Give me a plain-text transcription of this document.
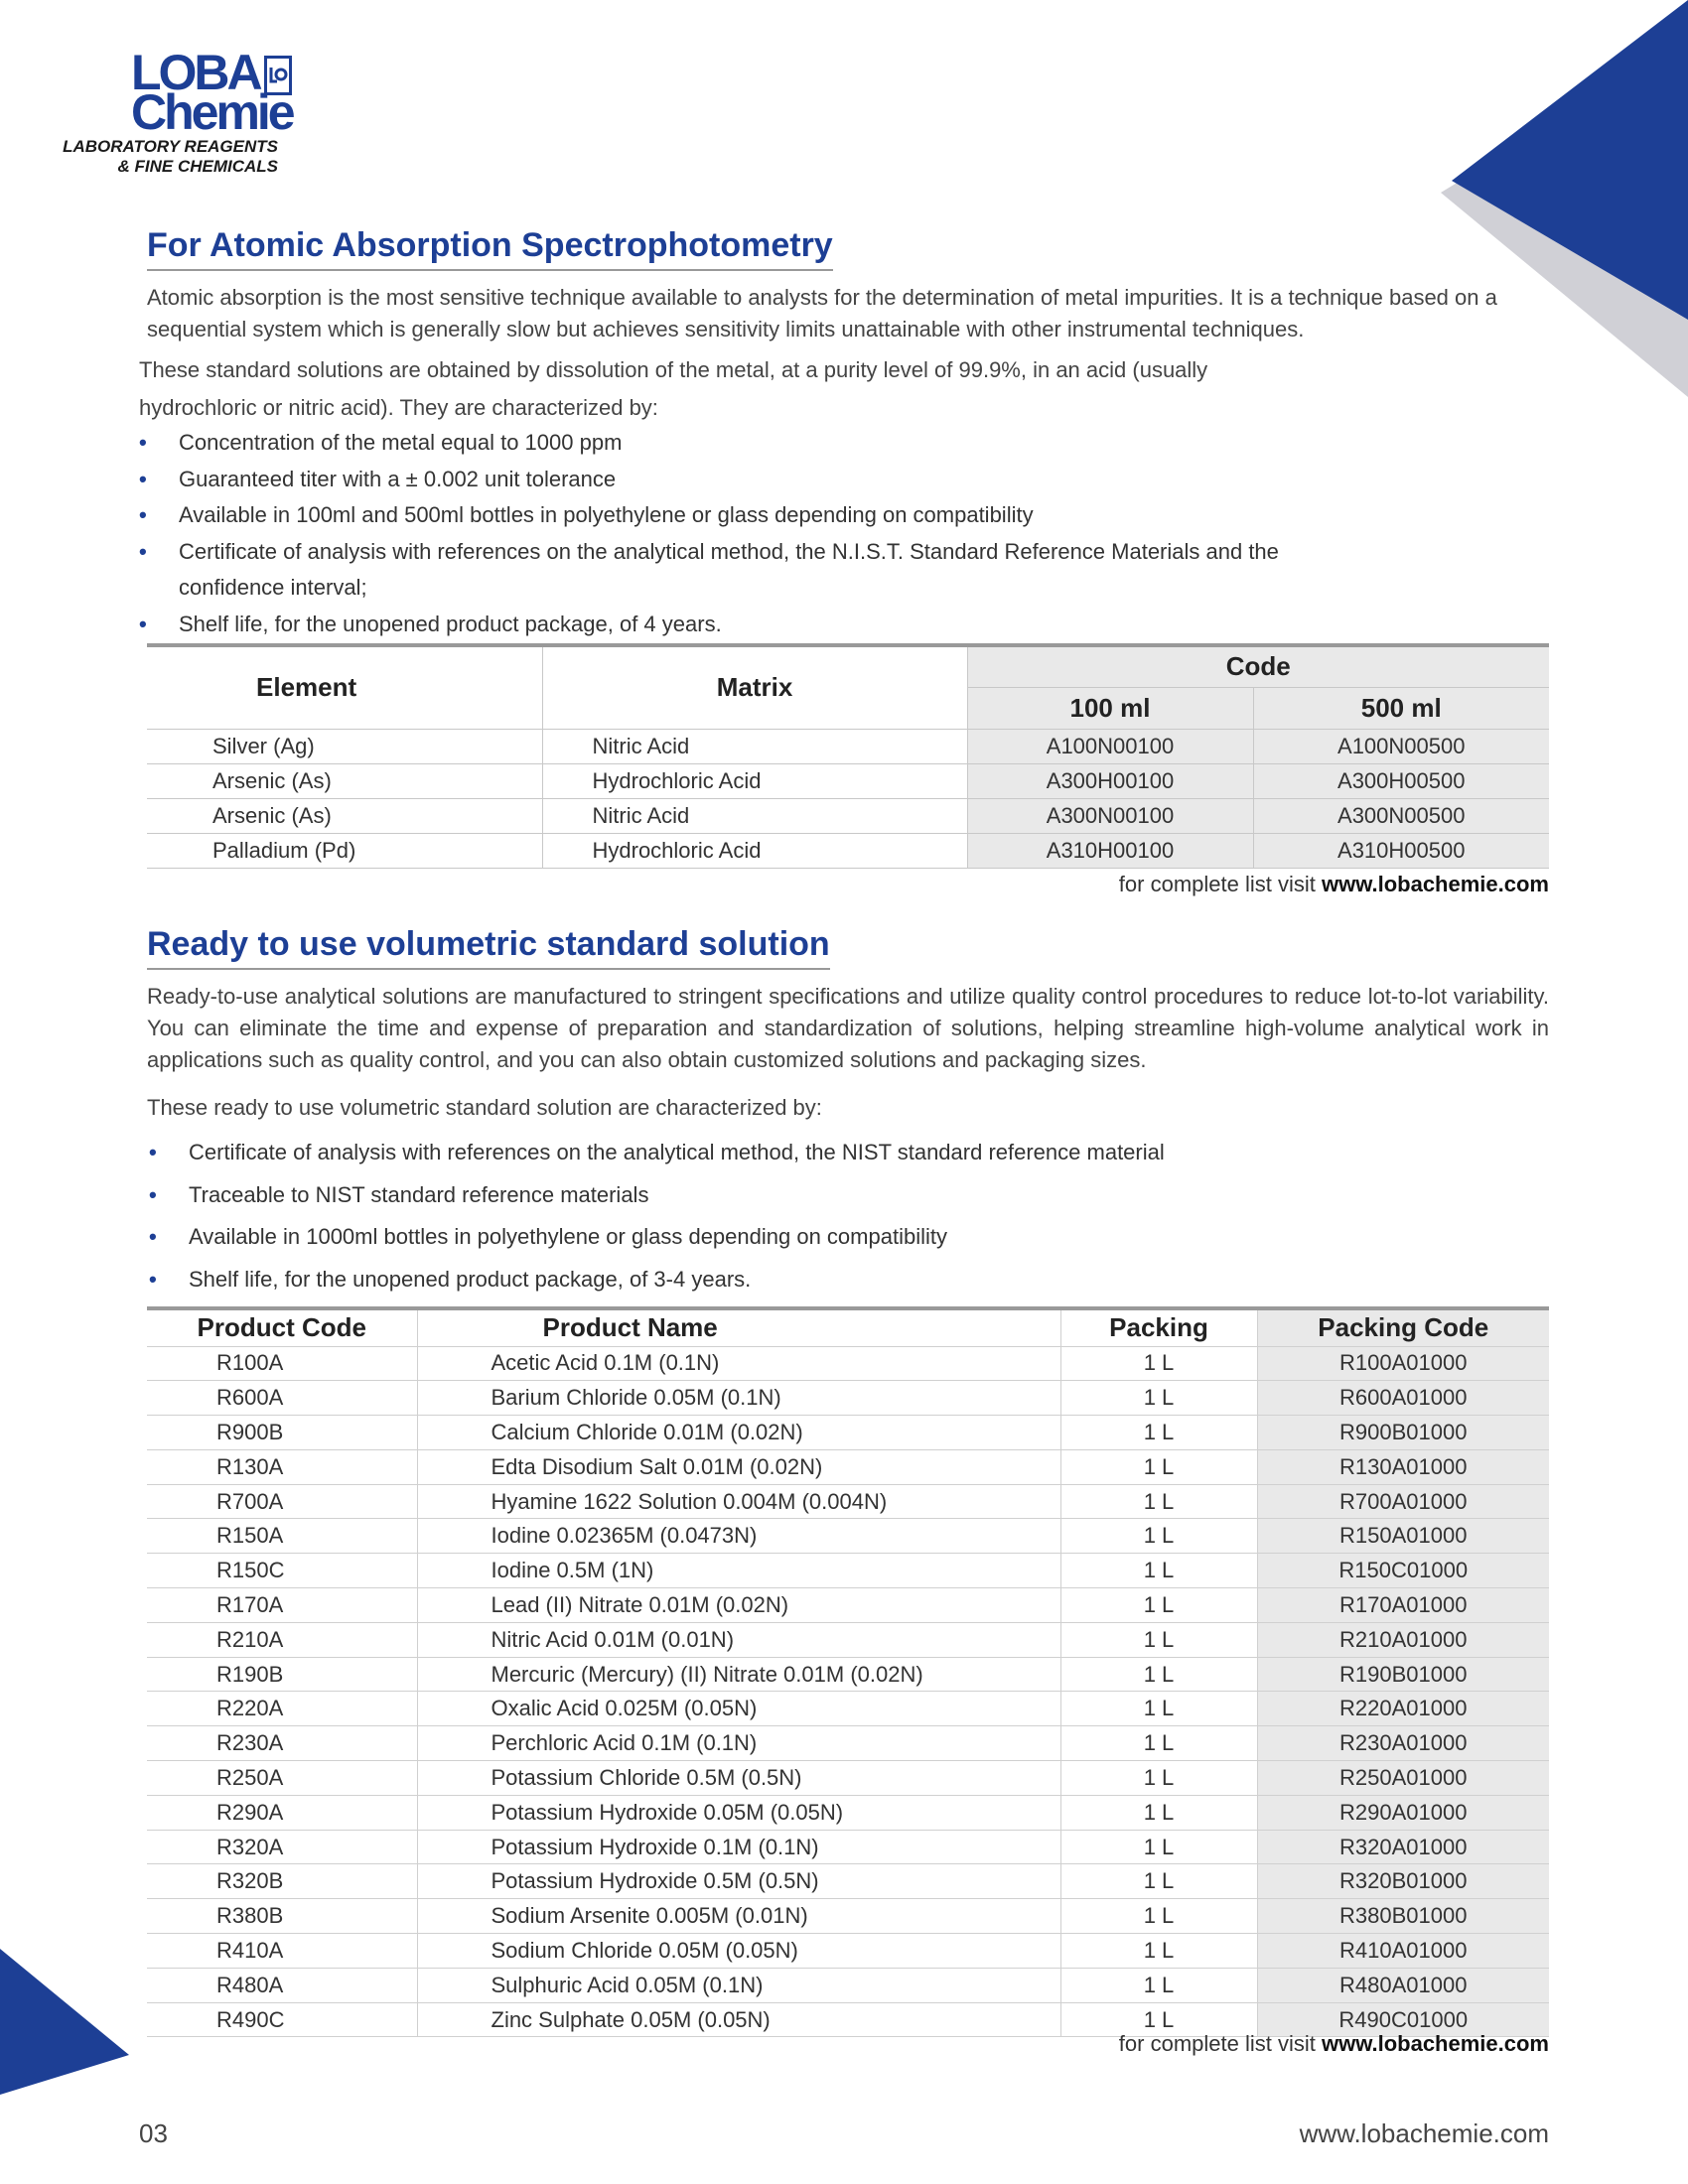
LOBA
Chemie
LABORATORY REAGENTS
& FINE CHEMICALS
For Atomic Absorption Spectrophotometry
Atomic absorption is the most sensitive technique available to analysts for the determination of metal impurities. It is a technique based on a sequential system which is generally slow but achieves sensitivity limits unattainable with other instrumental techniques.
These standard solutions are obtained by dissolution of the metal, at a purity level of 99.9%, in an acid (usually hydrochloric or nitric acid). They are characterized by:
• Concentration of the metal equal to 1000 ppm
• Guaranteed titer with a ± 0.002 unit tolerance
• Available in 100ml and 500ml bottles in polyethylene or glass depending on compatibility
• Certificate of analysis with references on the analytical method, the N.I.S.T. Standard Reference Materials and the confidence interval;
• Shelf life, for the unopened product package, of 4 years.
Element	Matrix	Code	
		100 ml	500 ml
Silver (Ag)	Nitric Acid	A100N00100	A100N00500
Arsenic (As)	Hydrochloric Acid	A300H00100	A300H00500
Arsenic (As)	Nitric Acid	A300N00100	A300N00500
Palladium (Pd)	Hydrochloric Acid	A310H00100	A310H00500
for complete list visit www.lobachemie.com
Ready to use volumetric standard solution
Ready-to-use analytical solutions are manufactured to stringent specifications and utilize quality control procedures to reduce lot-to-lot variability. You can eliminate the time and expense of preparation and standardization of solutions, helping streamline high-volume analytical work in applications such as quality control, and you can also obtain customized solutions and packaging sizes.
These ready to use volumetric standard solution are characterized by:
• Certificate of analysis with references on the analytical method, the NIST standard reference material
• Traceable to NIST standard reference materials
• Available in 1000ml bottles in polyethylene or glass depending on compatibility
• Shelf life, for the unopened product package, of 3-4 years.
Product Code	Product Name	Packing	Packing Code
R100A	Acetic Acid 0.1M (0.1N)	1 L	R100A01000
R600A	Barium Chloride 0.05M (0.1N)	1 L	R600A01000
R900B	Calcium Chloride 0.01M (0.02N)	1 L	R900B01000
R130A	Edta Disodium Salt 0.01M (0.02N)	1 L	R130A01000
R700A	Hyamine 1622 Solution 0.004M (0.004N)	1 L	R700A01000
R150A	Iodine 0.02365M (0.0473N)	1 L	R150A01000
R150C	Iodine 0.5M (1N)	1 L	R150C01000
R170A	Lead (II) Nitrate 0.01M (0.02N)	1 L	R170A01000
R210A	Nitric Acid 0.01M (0.01N)	1 L	R210A01000
R190B	Mercuric (Mercury) (II) Nitrate 0.01M (0.02N)	1 L	R190B01000
R220A	Oxalic Acid 0.025M (0.05N)	1 L	R220A01000
R230A	Perchloric Acid 0.1M (0.1N)	1 L	R230A01000
R250A	Potassium Chloride 0.5M (0.5N)	1 L	R250A01000
R290A	Potassium Hydroxide 0.05M (0.05N)	1 L	R290A01000
R320A	Potassium Hydroxide 0.1M (0.1N)	1 L	R320A01000
R320B	Potassium Hydroxide 0.5M (0.5N)	1 L	R320B01000
R380B	Sodium Arsenite 0.005M (0.01N)	1 L	R380B01000
R410A	Sodium Chloride 0.05M (0.05N)	1 L	R410A01000
R480A	Sulphuric Acid 0.05M (0.1N)	1 L	R480A01000
R490C	Zinc Sulphate 0.05M (0.05N)	1 L	R490C01000
for complete list visit www.lobachemie.com
03	www.lobachemie.com
